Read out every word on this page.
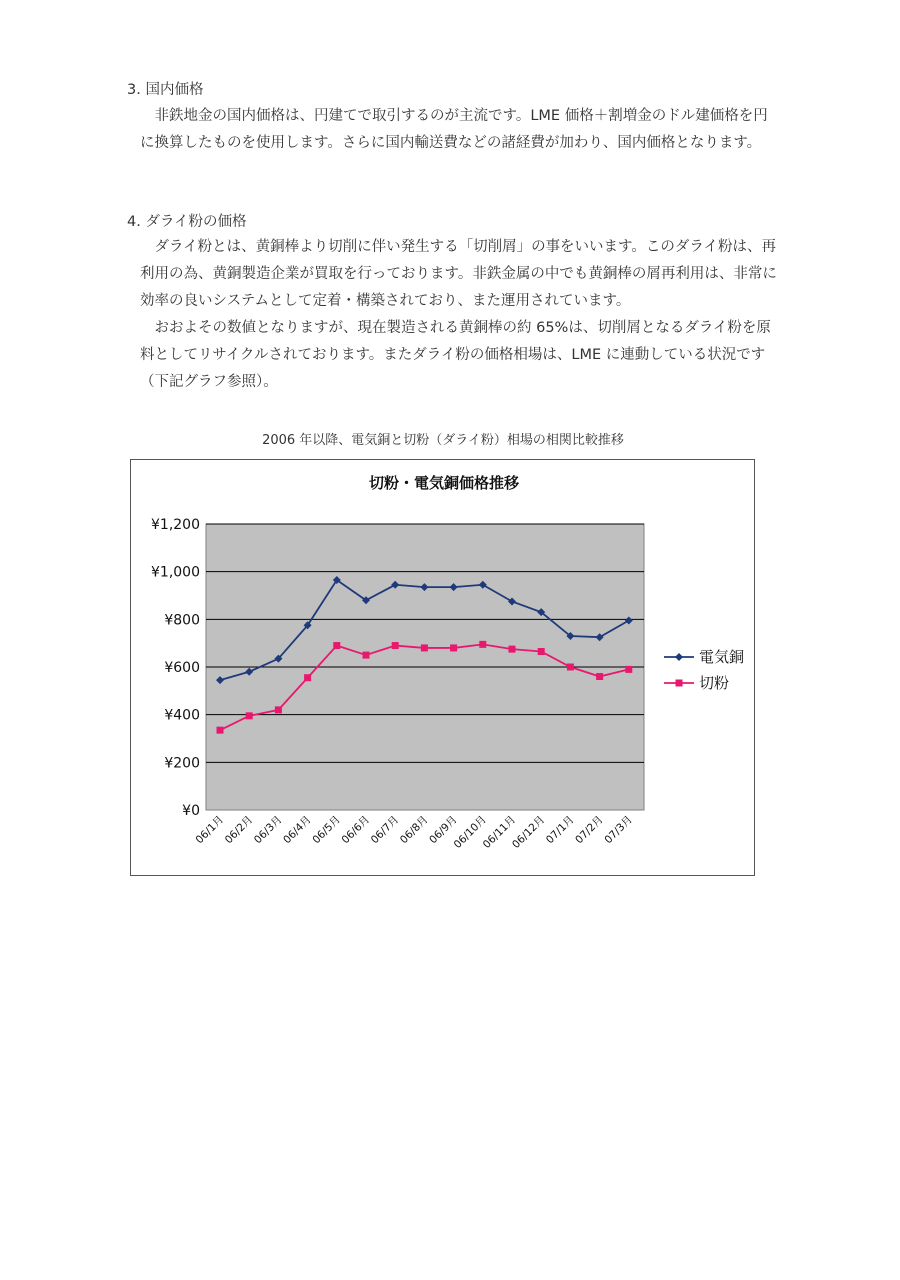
3. 国内価格

非鉄地金の国内価格は、円建てで取引するのが主流です。LME 価格＋割増金のドル建価格を円に換算したものを使用します。さらに国内輸送費などの諸経費が加わり、国内価格となります。

4. ダライ粉の価格

ダライ粉とは、黄銅棒より切削に伴い発生する「切削屑」の事をいいます。このダライ粉は、再利用の為、黄銅製造企業が買取を行っております。非鉄金属の中でも黄銅棒の屑再利用は、非常に効率の良いシステムとして定着・構築されており、また運用されています。

おおよその数値となりますが、現在製造される黄銅棒の約 65%は、切削屑となるダライ粉を原料としてリサイクルされております。またダライ粉の価格相場は、LME に連動している状況です（下記グラフ参照）。

2006 年以降、電気銅と切粉（ダライ粉）相場の相関比較推移
切粉・電気銅価格推移
¥0
¥200
¥400
¥600
¥800
¥1,000
¥1,200
06/1月
06/2月
06/3月
06/4月
06/5月
06/6月
06/7月
06/8月
06/9月
06/10月
06/11月
06/12月
07/1月
07/2月
07/3月
電気銅
切粉
